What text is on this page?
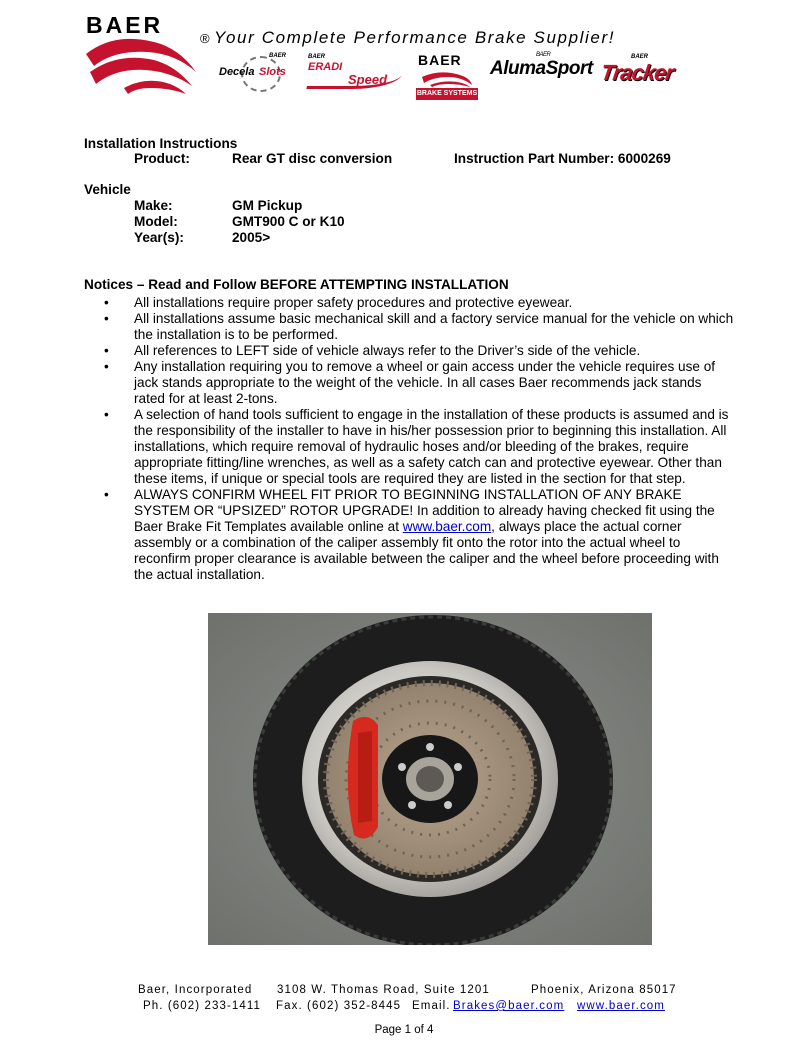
BAER
® Your Complete Performance Brake Supplier!
BAER
Decela Slots
BAER
ERADI
Speed
BAER
BRAKE SYSTEMS
BAER
AlumaSport
BAER
Tracker
Installation Instructions
Product:	Rear GT disc conversion	Instruction Part Number: 6000269
Vehicle
Make:	GM Pickup
Model:	GMT900 C or K10
Year(s):	2005>
Notices – Read and Follow BEFORE ATTEMPTING INSTALLATION
• All installations require proper safety procedures and protective eyewear.
• All installations assume basic mechanical skill and a factory service manual for the vehicle on which the installation is to be performed.
• All references to LEFT side of vehicle always refer to the Driver’s side of the vehicle.
• Any installation requiring you to remove a wheel or gain access under the vehicle requires use of jack stands appropriate to the weight of the vehicle. In all cases Baer recommends jack stands rated for at least 2-tons.
• A selection of hand tools sufficient to engage in the installation of these products is assumed and is the responsibility of the installer to have in his/her possession prior to beginning this installation. All installations, which require removal of hydraulic hoses and/or bleeding of the brakes, require appropriate fitting/line wrenches, as well as a safety catch can and protective eyewear. Other than these items, if unique or special tools are required they are listed in the section for that step.
• ALWAYS CONFIRM WHEEL FIT PRIOR TO BEGINNING INSTALLATION OF ANY BRAKE SYSTEM OR “UPSIZED” ROTOR UPGRADE! In addition to already having checked fit using the Baer Brake Fit Templates available online at www.baer.com, always place the actual corner assembly or a combination of the caliper assembly fit onto the rotor into the actual wheel to reconfirm proper clearance is available between the caliper and the wheel before proceeding with the actual installation.
Baer, Incorporated 3108 W. Thomas Road, Suite 1201	Phoenix, Arizona 85017
Ph. (602) 233-1411 Fax. (602) 352-8445 Email. Brakes@baer.com www.baer.com
Page 1 of 4
